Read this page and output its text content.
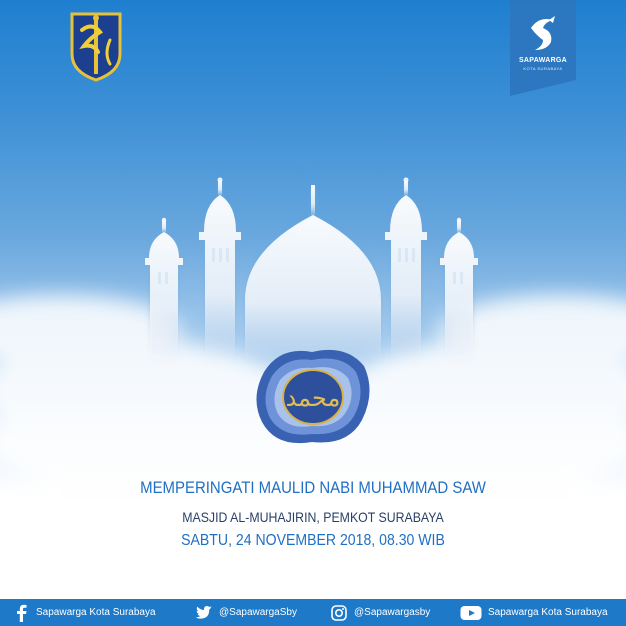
SAPAWARGA
KOTA SURABAYA
محمد
MEMPERINGATI MAULID NABI MUHAMMAD SAW
MASJID AL-MUHAJIRIN, PEMKOT SURABAYA
SABTU, 24 NOVEMBER 2018, 08.30 WIB
Sapawarga Kota Surabaya	@SapawargaSby	@Sapawargasby	Sapawarga Kota Surabaya
